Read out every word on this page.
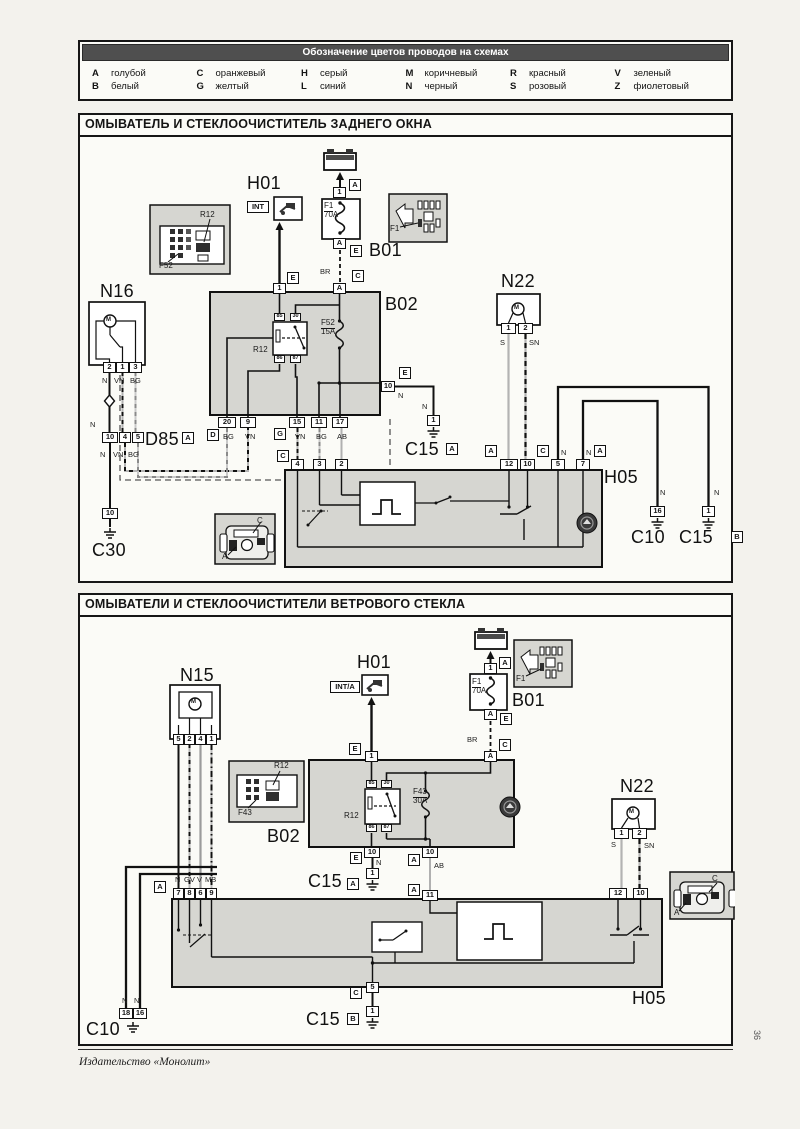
Обозначение цветов проводов на схемах
A	голубой	C	оранжевый	H	серый	M коричневый	R	красный	V	зеленый
B	белый	G желтый	L	синий	N	черный	S	розовый	Z	фиолетовый
ОМЫВАТЕЛЬ И СТЕКЛООЧИСТИТЕЛЬ ЗАДНЕГО ОКНА
H01
B01
B02
N16	N22
D85
H05
C30
C15
C10 C15
A
E
E	C
A	D	G
C
E
A	A	C	A
B
INT
1
A
1	A
2	1	3
10	4	5
10
20	9	15	11	17
4	3	2	12	10	5	7
1	2
10
1
16	1
85	30
86	87
BR
N VN BG
N
N VN BG
BG VN	VN BG AB
N
N
N	N
N	N
S	SN
R12
F52
F1
70A
F1
R12
F52
15A
A
C
M
M
ОМЫВАТЕЛИ И СТЕКЛООЧИСТИТЕЛИ ВЕТРОВОГО СТЕКЛА
H01
B01
B02
N15
N22
H05
C15
C15
C10
A
E
C
E
INT/A
E
A
A
A
A
C
B
1
A
A
1
5 2 4 1
7 8 6 9
10	10
1
11	12	10
1	2
18 16
5
1
85	30
86	87
BR
N	AB
N GV V MB
S	SN
N N
F1
70A
F1
R12
F43	R12
F43
30A
A
C
M
M
Издательство «Монолит»
36
